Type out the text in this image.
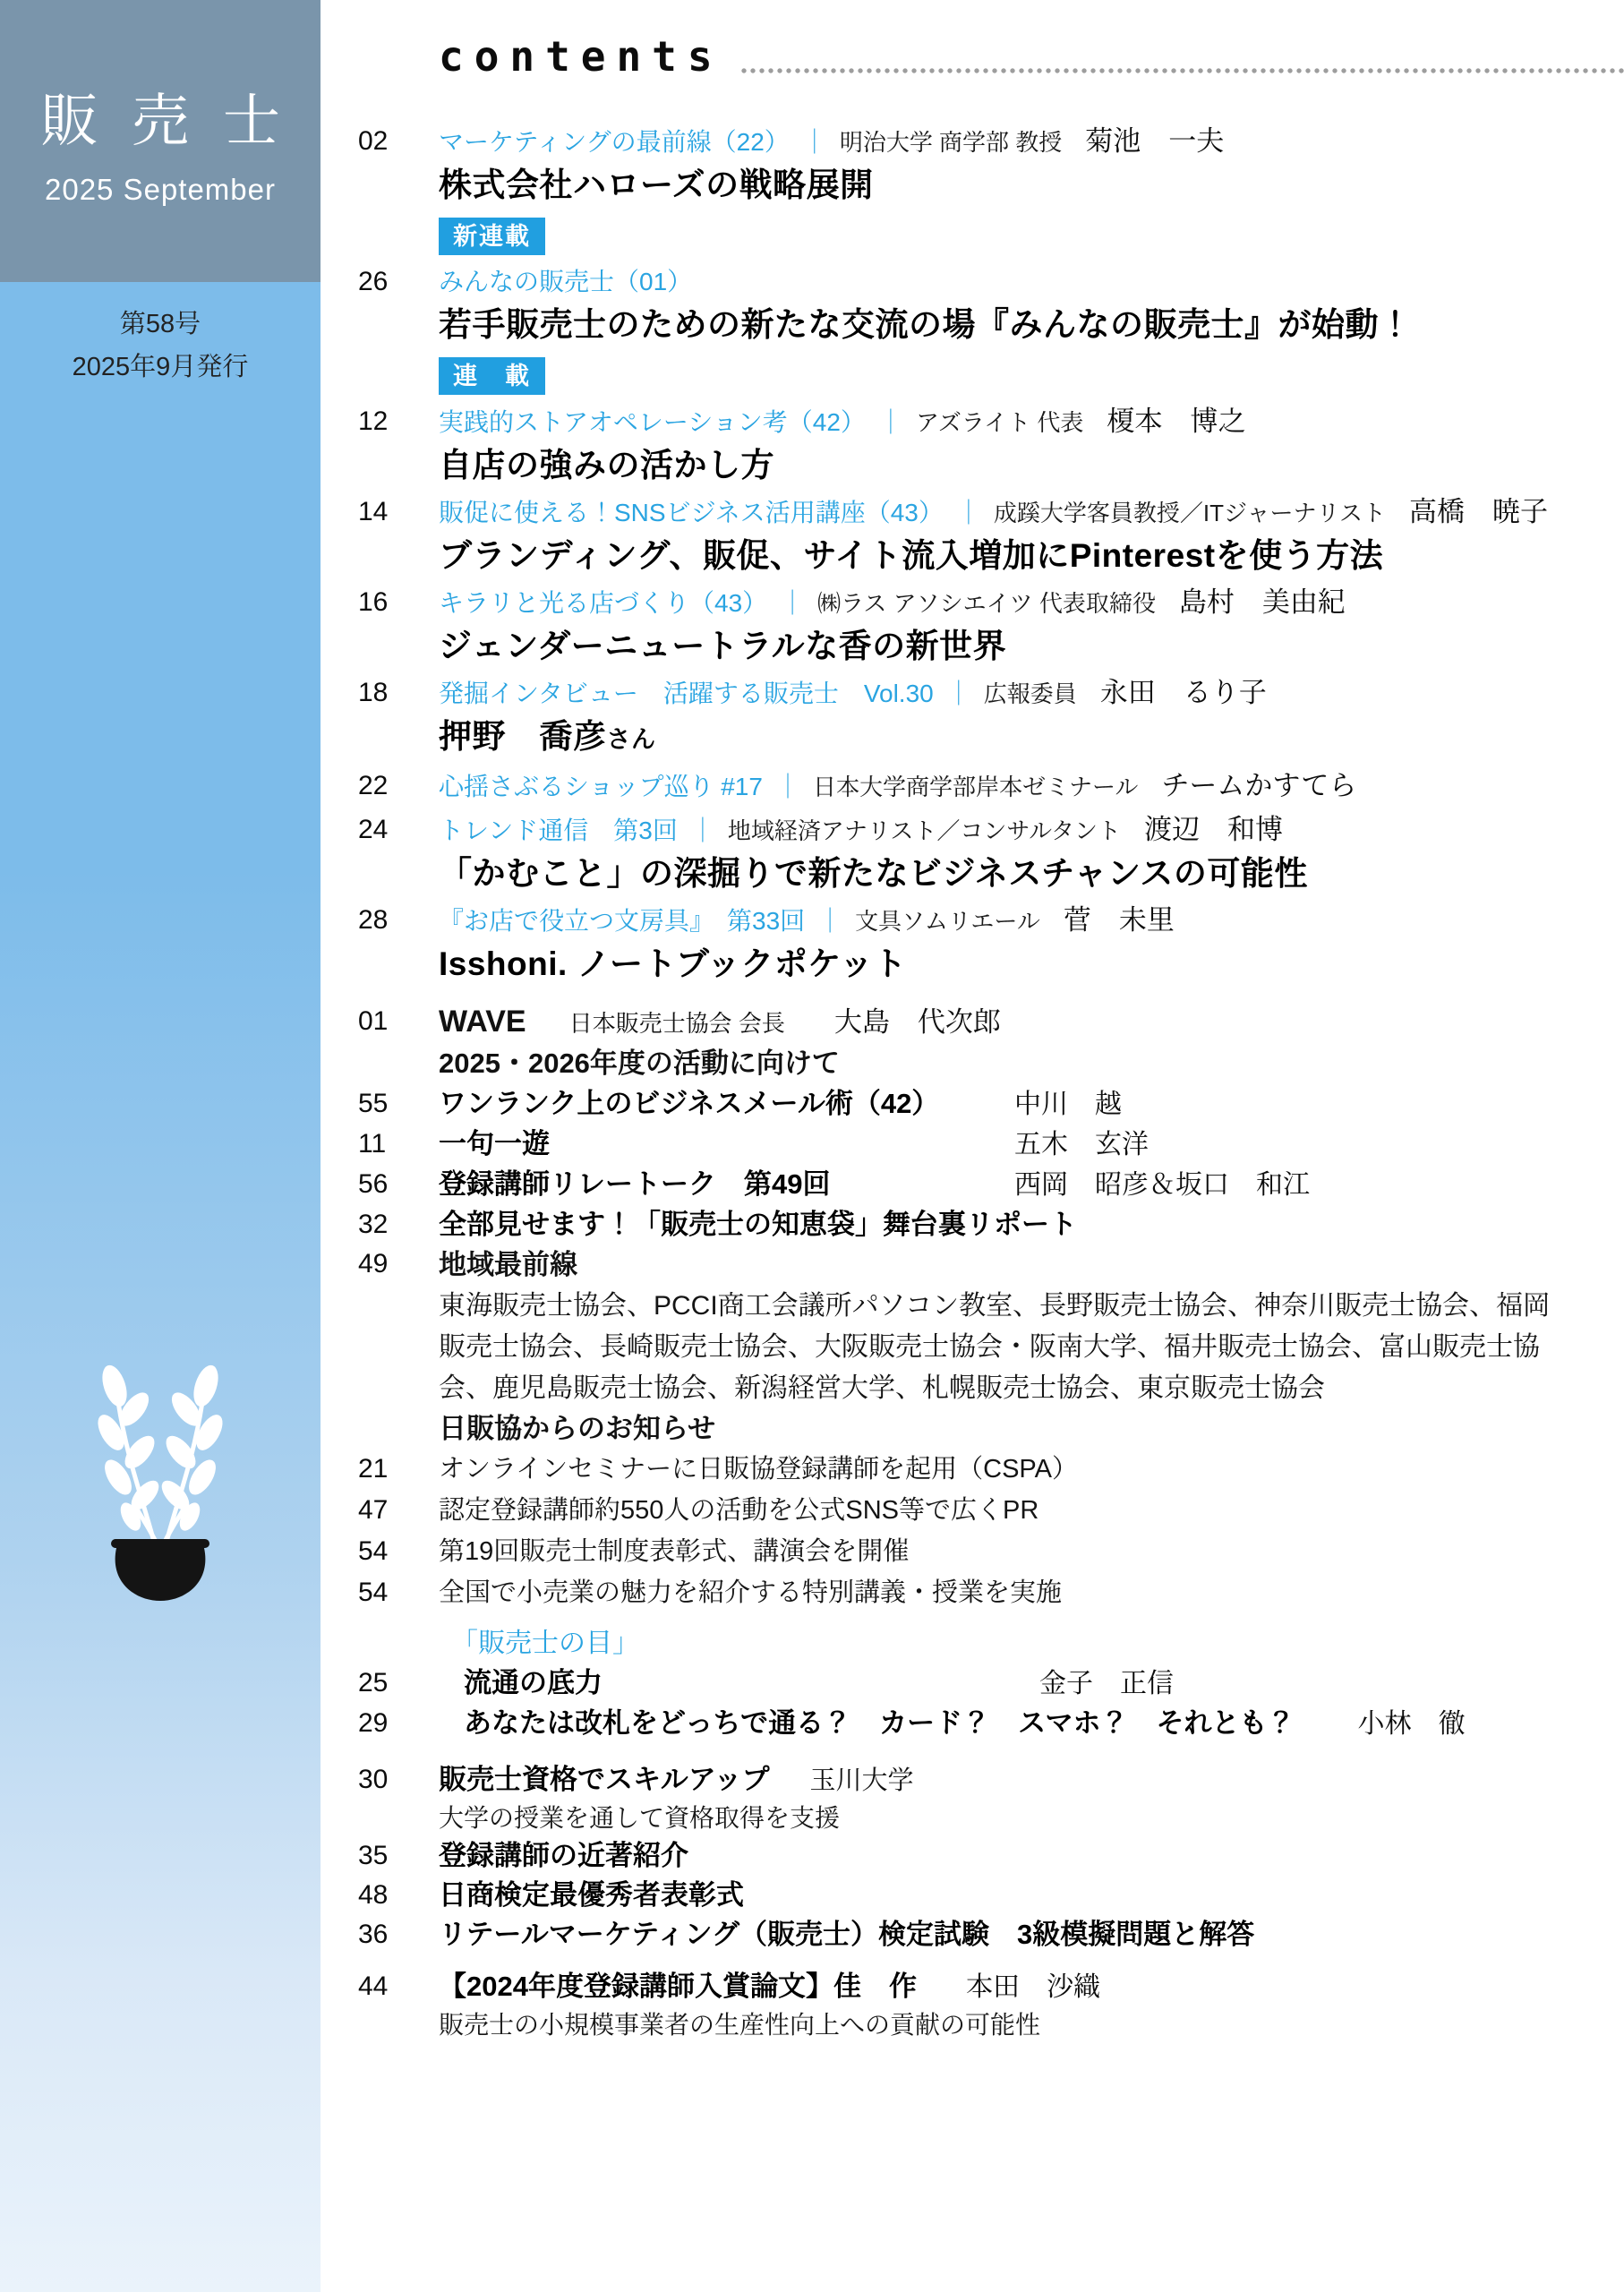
販売士
2025 September
第58号
2025年9月発行
contents
02	マーケティングの最前線（22） ｜ 明治大学 商学部 教授 菊池　一夫
株式会社ハローズの戦略展開
新連載
26	みんなの販売士（01）
若手販売士のための新たな交流の場『みんなの販売士』が始動！
連　載
12	実践的ストアオペレーション考（42） ｜ アズライト 代表 榎本　博之
自店の強みの活かし方
14	販促に使える！SNSビジネス活用講座（43） ｜ 成蹊大学客員教授／ITジャーナリスト 高橋　暁子
ブランディング、販促、サイト流入増加にPinterestを使う方法
16	キラリと光る店づくり（43） ｜ ㈱ラス アソシエイツ 代表取締役 島村　美由紀
ジェンダーニュートラルな香の新世界
18	発掘インタビュー　活躍する販売士　Vol.30 ｜ 広報委員 永田　るり子
押野　喬彦さん
22	心揺さぶるショップ巡り #17 ｜ 日本大学商学部岸本ゼミナール チームかすてら
24	トレンド通信　第3回 ｜ 地域経済アナリスト／コンサルタント 渡辺　和博
「かむこと」の深掘りで新たなビジネスチャンスの可能性
28	『お店で役立つ文房具』　第33回 ｜ 文具ソムリエール 菅　未里
Isshoni. ノートブックポケット
01	WAVE 日本販売士協会 会長 大島　代次郎
2025・2026年度の活動に向けて
55	ワンランク上のビジネスメール術（42）	中川　越
11	一句一遊	五木　玄洋
56	登録講師リレートーク　第49回	西岡　昭彦＆坂口　和江
32	全部見せます！「販売士の知恵袋」舞台裏リポート
49	地域最前線
東海販売士協会、PCCI商工会議所パソコン教室、長野販売士協会、神奈川販売士協会、福岡販売士協会、長崎販売士協会、大阪販売士協会・阪南大学、福井販売士協会、富山販売士協会、鹿児島販売士協会、新潟経営大学、札幌販売士協会、東京販売士協会
日販協からのお知らせ
21	オンラインセミナーに日販協登録講師を起用（CSPA）
47	認定登録講師約550人の活動を公式SNS等で広くPR
54	第19回販売士制度表彰式、講演会を開催
54	全国で小売業の魅力を紹介する特別講義・授業を実施
「販売士の目」
25	流通の底力	金子　正信
29	あなたは改札をどっちで通る？　カード？　スマホ？　それとも？ 小林　徹
30	販売士資格でスキルアップ 玉川大学
大学の授業を通して資格取得を支援
35	登録講師の近著紹介
48	日商検定最優秀者表彰式
36	リテールマーケティング（販売士）検定試験　3級模擬問題と解答
44	【2024年度登録講師入賞論文】佳　作 本田　沙織
販売士の小規模事業者の生産性向上への貢献の可能性
